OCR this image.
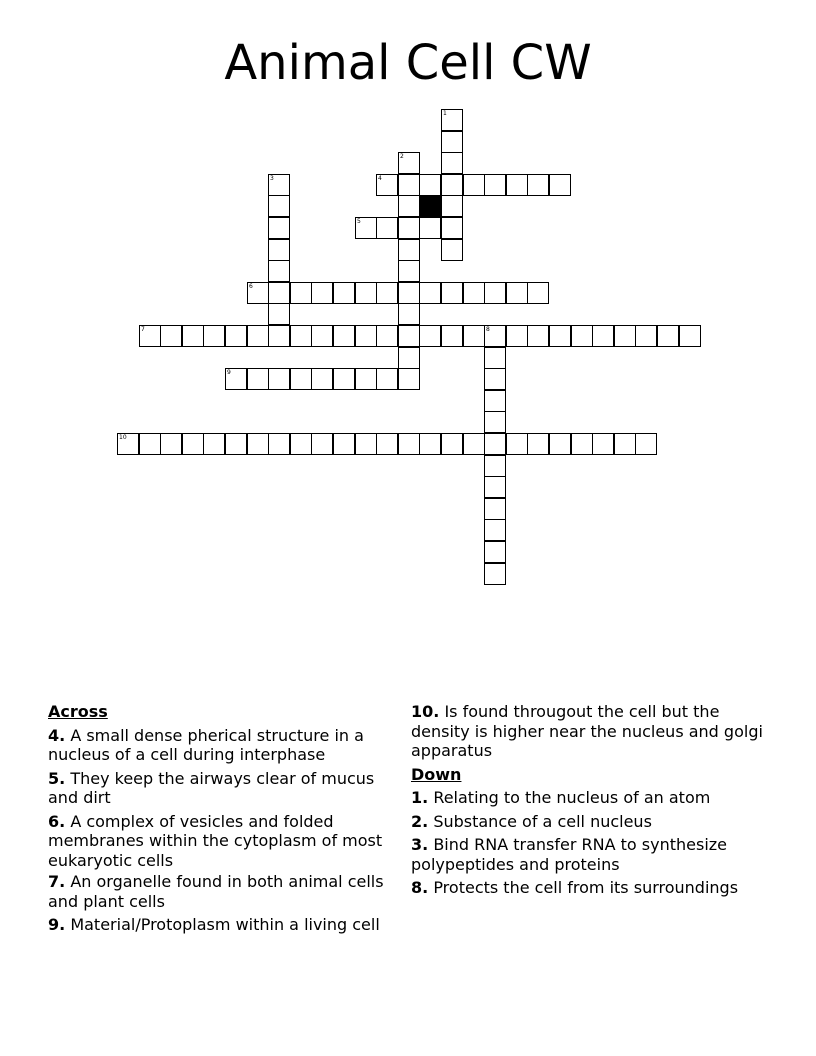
Animal Cell CW
1
2
3	4
5
6
7	8
9
10
Across
4. A small dense pherical structure in a nucleus of a cell during interphase
5. They keep the airways clear of mucus and dirt
6. A complex of vesicles and folded membranes within the cytoplasm of most eukaryotic cells
7. An organelle found in both animal cells and plant cells
9. Material/Protoplasm within a living cell
10. Is found througout the cell but the density is higher near the nucleus and golgi apparatus
Down
1. Relating to the nucleus of an atom
2. Substance of a cell nucleus
3. Bind RNA transfer RNA to synthesize polypeptides and proteins
8. Protects the cell from its surroundings
